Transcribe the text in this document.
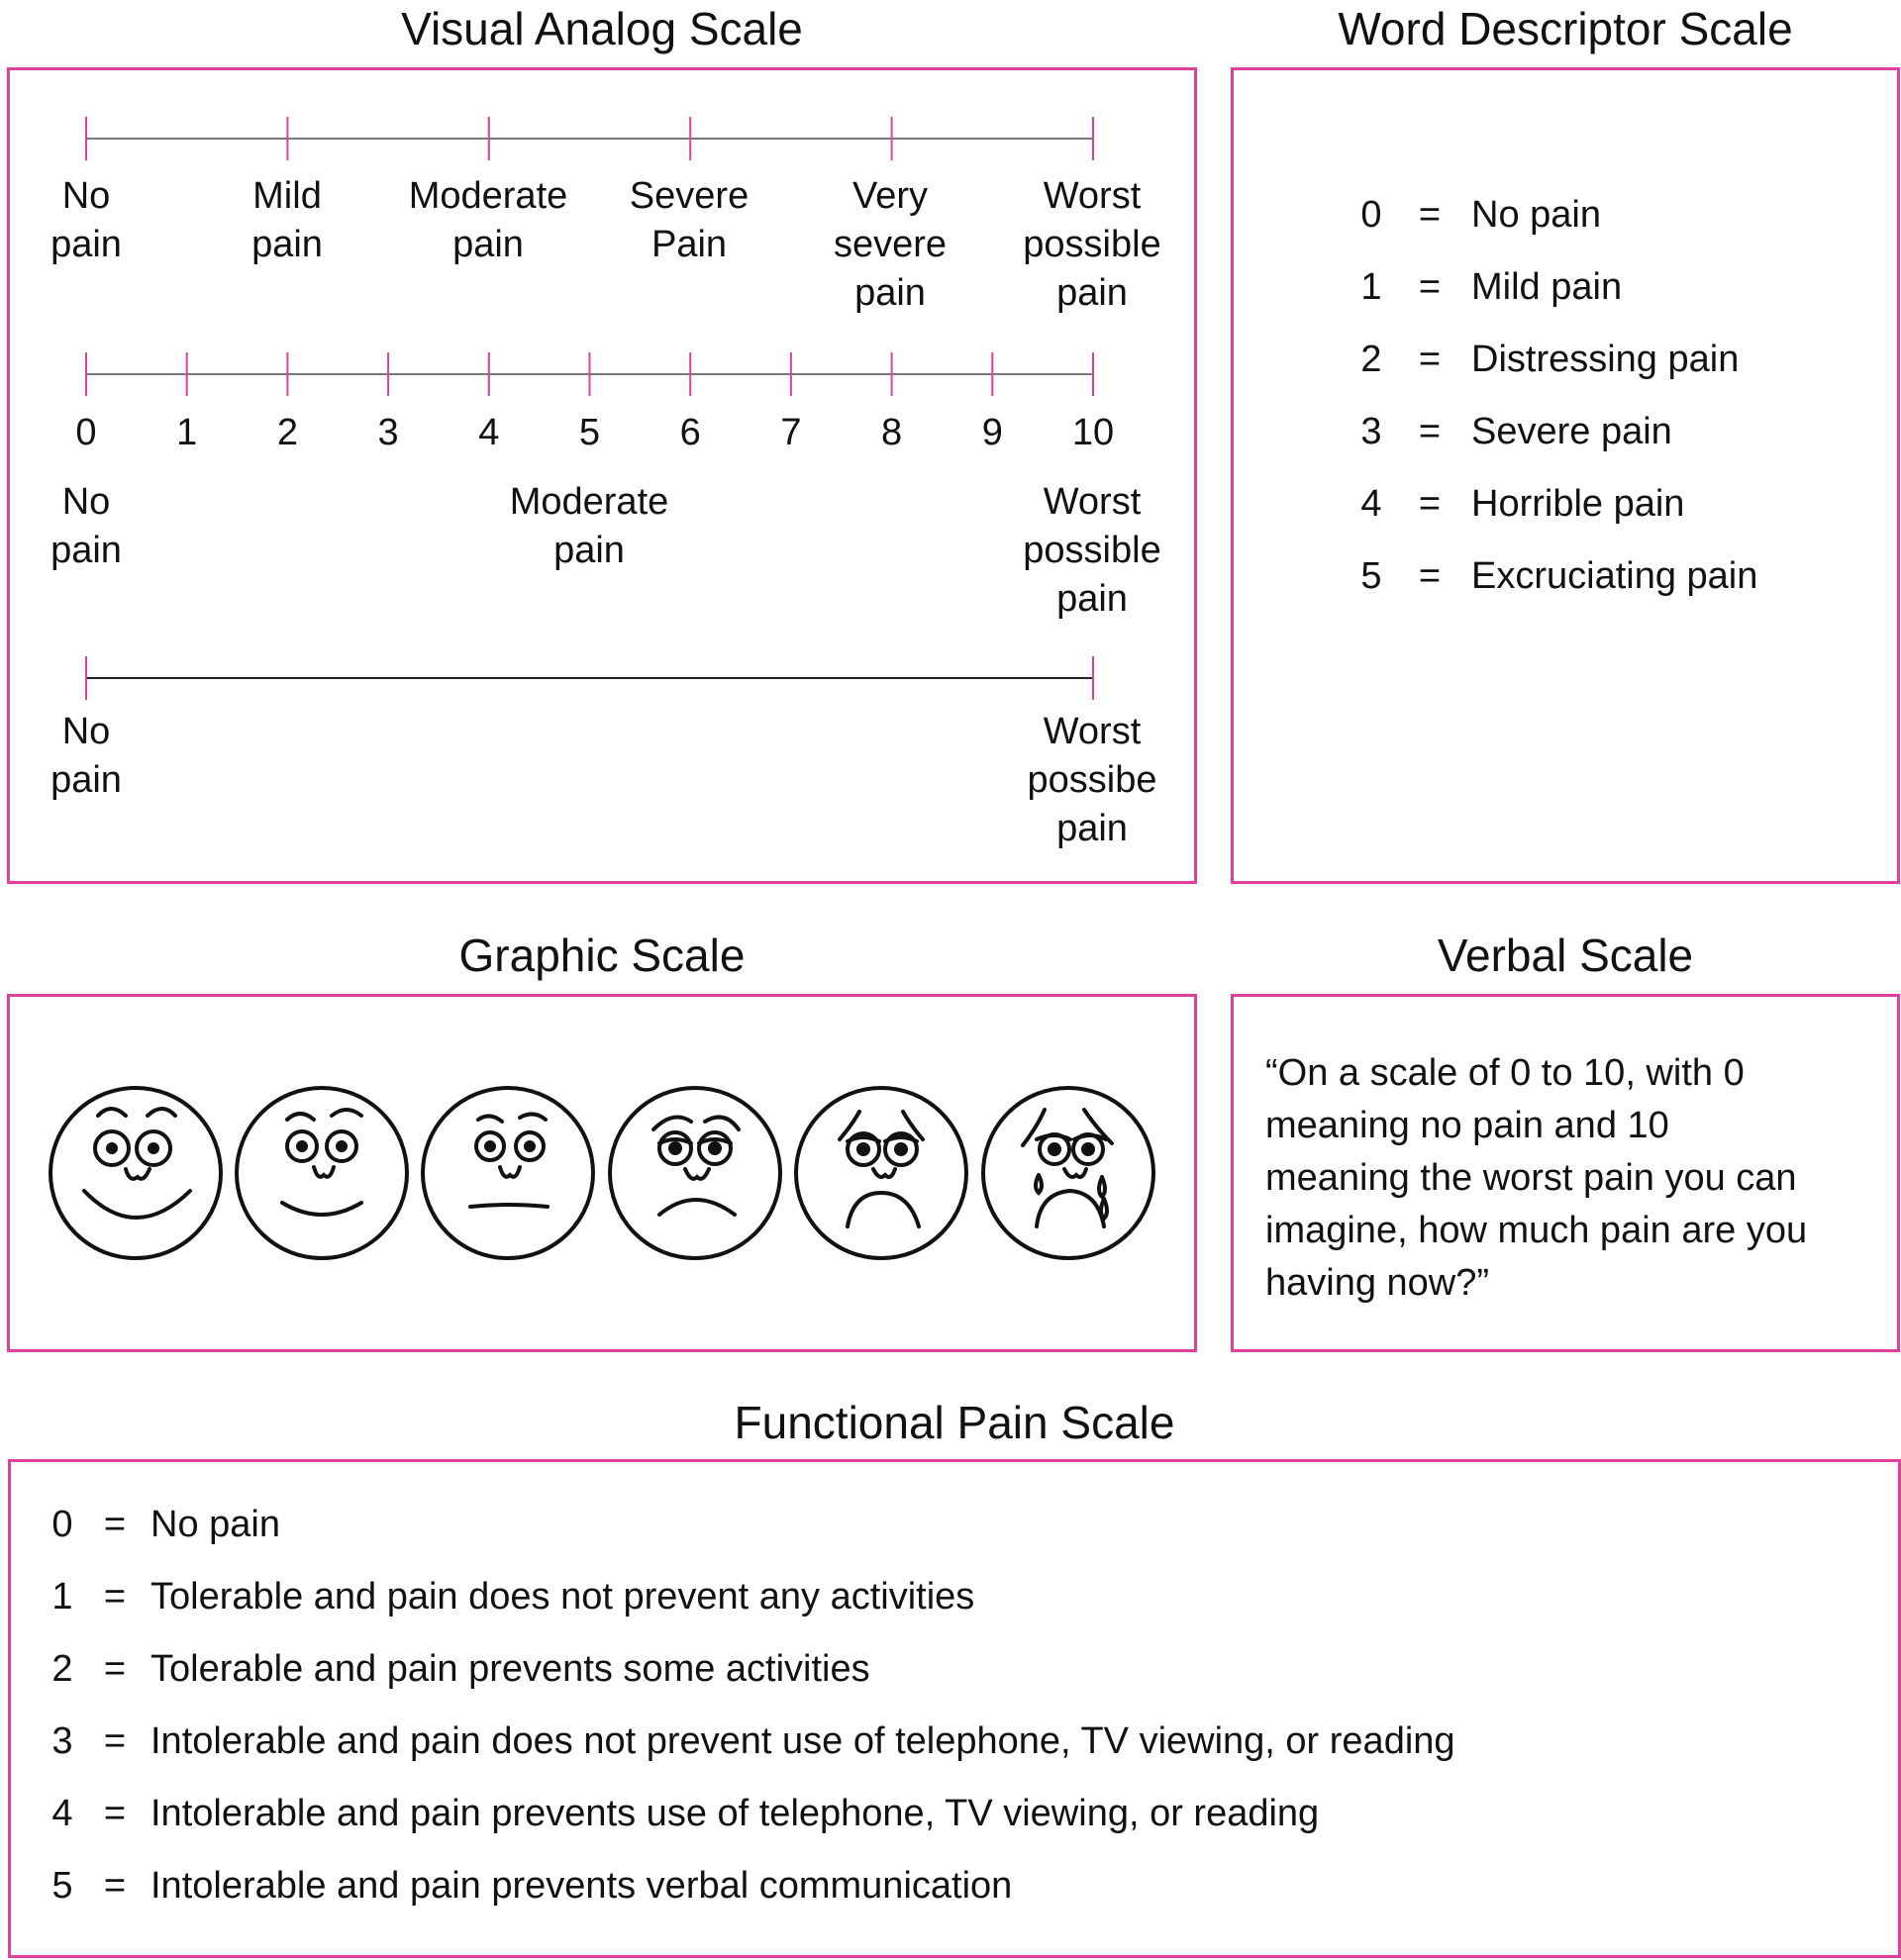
Visual Analog Scale
No
pain
Mild
pain
Moderate
pain
Severe
Pain
Very
severe
pain
Worst
possible
pain
0 1 2 3 4 5 6 7 8 9 10
No
pain
Moderate
pain
Worst
possible
pain
No
pain
Worst
possibe
pain
Word Descriptor Scale
0 = No pain
1 = Mild pain
2 = Distressing pain
3 = Severe pain
4 = Horrible pain
5 = Excruciating pain
Graphic Scale	Verbal Scale
“On a scale of 0 to 10, with 0 meaning no pain and 10 meaning the worst pain you can imagine, how much pain are you having now?”
Functional Pain Scale
0 = No pain
1 = Tolerable and pain does not prevent any activities
2 = Tolerable and pain prevents some activities
3 = Intolerable and pain does not prevent use of telephone, TV viewing, or reading
4 = Intolerable and pain prevents use of telephone, TV viewing, or reading
5 = Intolerable and pain prevents verbal communication
